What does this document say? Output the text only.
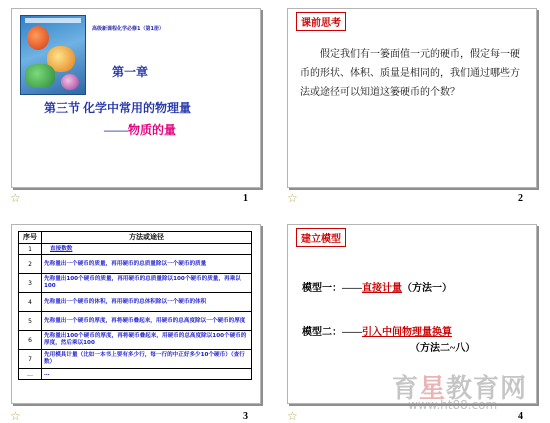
高级新课程化学必修1（第1册）
第一章
第三节 化学中常用的物理量
——物质的量
课前思考
假定我们有一篓面值一元的硬币，假定每一硬币的形状、体积、质量是相同的，我们通过哪些方法或途径可以知道这篓硬币的个数？
序号	方法或途径
1	直接数数
2	先称量出一个硬币的质量，再用硬币的总质量除以一个硬币的质量
3	先称量出100个硬币的质量，再用硬币的总质量除以100个硬币的质量，再乘以100
4	先称量出一个硬币的体积，再用硬币的总体积除以一个硬币的体积
5	先称量出一个硬币的厚度，再将硬币叠起来，用硬币的总高度除以一个硬币的厚度
6	先称量出100个硬币的厚度，再将硬币叠起来，用硬币的总高度除以100个硬币的厚度，然后乘以100
7	先用模具计量（比如一本书上要有多少行，每一行的中正好多少10个硬币）（查行数）
…	…
建立模型
模型一：——直接计量（方法一）
模型二：——引入中间物理量换算
（方法二~八）
☆	☆
☆	☆
1	2
3	4
育星教育网
www.ht88.com
